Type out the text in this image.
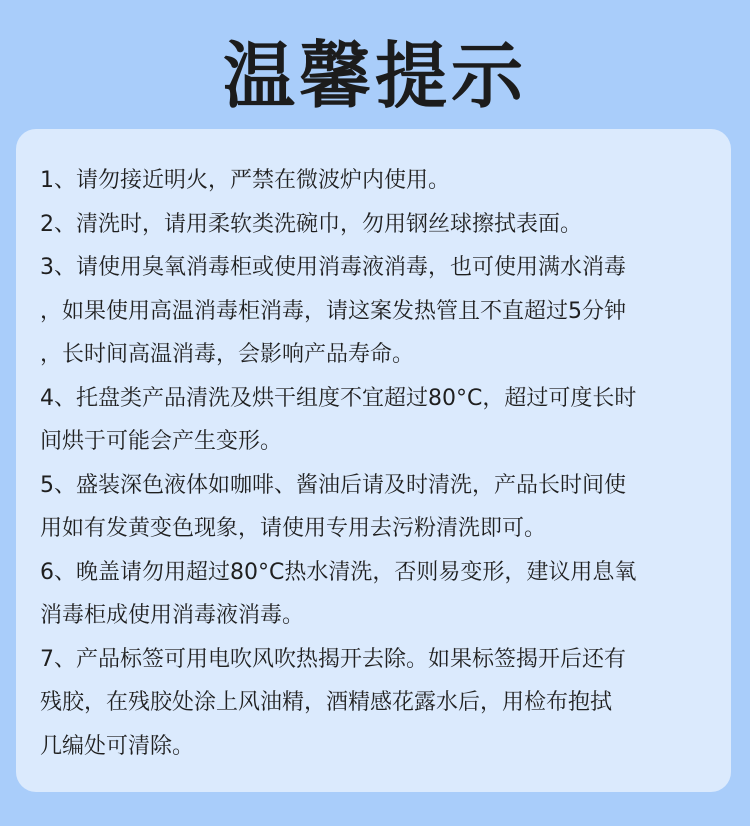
温馨提示
1、请勿接近明火，严禁在微波炉内使用。
2、清洗时，请用柔软类洗碗巾，勿用钢丝球擦拭表面。
3、请使用臭氧消毒柜或使用消毒液消毒，也可使用满水消毒
，如果使用高温消毒柜消毒，请这案发热管且不直超过5分钟
，长时间高温消毒，会影响产品寿命。
4、托盘类产品清洗及烘干组度不宜超过80°C，超过可度长时
间烘于可能会产生变形。
5、盛装深色液体如咖啡、酱油后请及时清洗，产品长时间使
用如有发黄变色现象，请使用专用去污粉清洗即可。
6、晚盖请勿用超过80°C热水清洗，否则易变形，建议用息氧
消毒柜成使用消毒液消毒。
7、产品标签可用电吹风吹热揭开去除。如果标签揭开后还有
残胶，在残胶处涂上风油精，酒精感花露水后，用检布抱拭
几编处可清除。
